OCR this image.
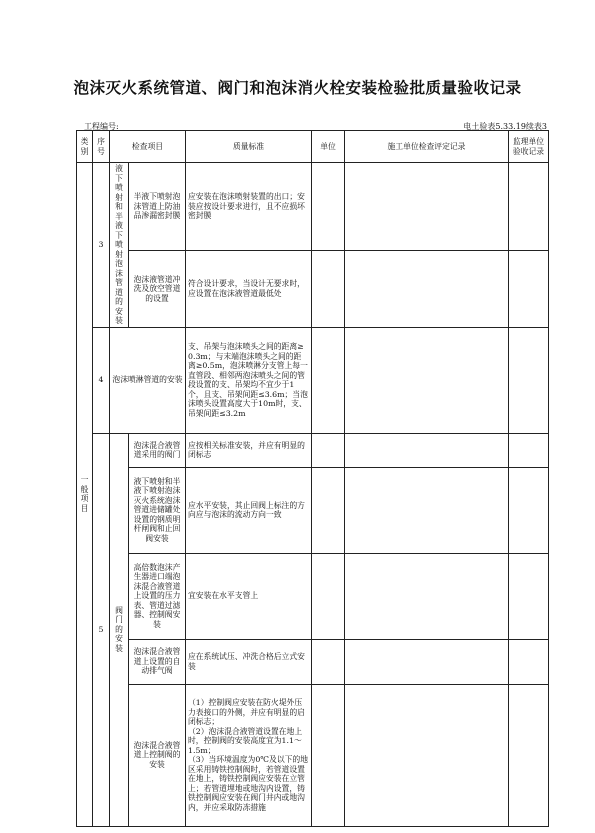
泡沫灭火系统管道、阀门和泡沫消火栓安装检验批质量验收记录
工程编号:	电土验表5.33.19续表3
类别	序号	检查项目		质量标准	单位	施工单位检查评定记录	监理单位验收记录
一般项目	3	液下喷射和半液下喷射泡沫管道的安装	半液下喷射泡沫管道上防油品渗漏密封膜	应安装在泡沫喷射装置的出口；安装应按设计要求进行，且不应损坏密封膜			
			泡沫液管道冲洗及放空管道的设置	符合设计要求，当设计无要求时，应设置在泡沫液管道最低处			
	4	泡沫喷淋管道的安装		支、吊架与泡沫喷头之间的距离≥0.3m；与末端泡沫喷头之间的距离≥0.5m，泡沫喷淋分支管上每一直管段、相邻两泡沫喷头之间的管段设置的支、吊架均不宜少于1个，且支、吊架间距≤3.6m；当泡沫喷头设置高度大于10m时，支、吊架间距≤3.2m			
	5	阀门的安装	泡沫混合液管道采用的阀门	应按相关标准安装，并应有明显的闭标志			
			液下喷射和半液下喷射泡沫灭火系统泡沫管道进储罐处设置的钢质明杆闸阀和止回阀安装	应水平安装，其止回阀上标注的方向应与泡沫的流动方向一致			
			高倍数泡沫产生器进口端泡沫混合液管道上设置的压力表、管道过滤器、控制阀安装	宜安装在水平支管上			
			泡沫混合液管道上设置的自动排气阀	应在系统试压、冲洗合格后立式安装			
			泡沫混合液管道上控制阀的安装	（1）控制阀应安装在防火堤外压力表接口的外侧，并应有明显的启闭标志；
（2）泡沫混合液管道设置在地上时，控制阀的安装高度宜为1.1～1.5m；
（3）当环境温度为0℃及以下的地区采用铸铁控制阀时，若管道设置在地上，铸铁控制阀应安装在立管上；若管道埋地或地沟内设置，铸铁控制阀应安装在阀门井内或地沟内，并应采取防冻措施			
